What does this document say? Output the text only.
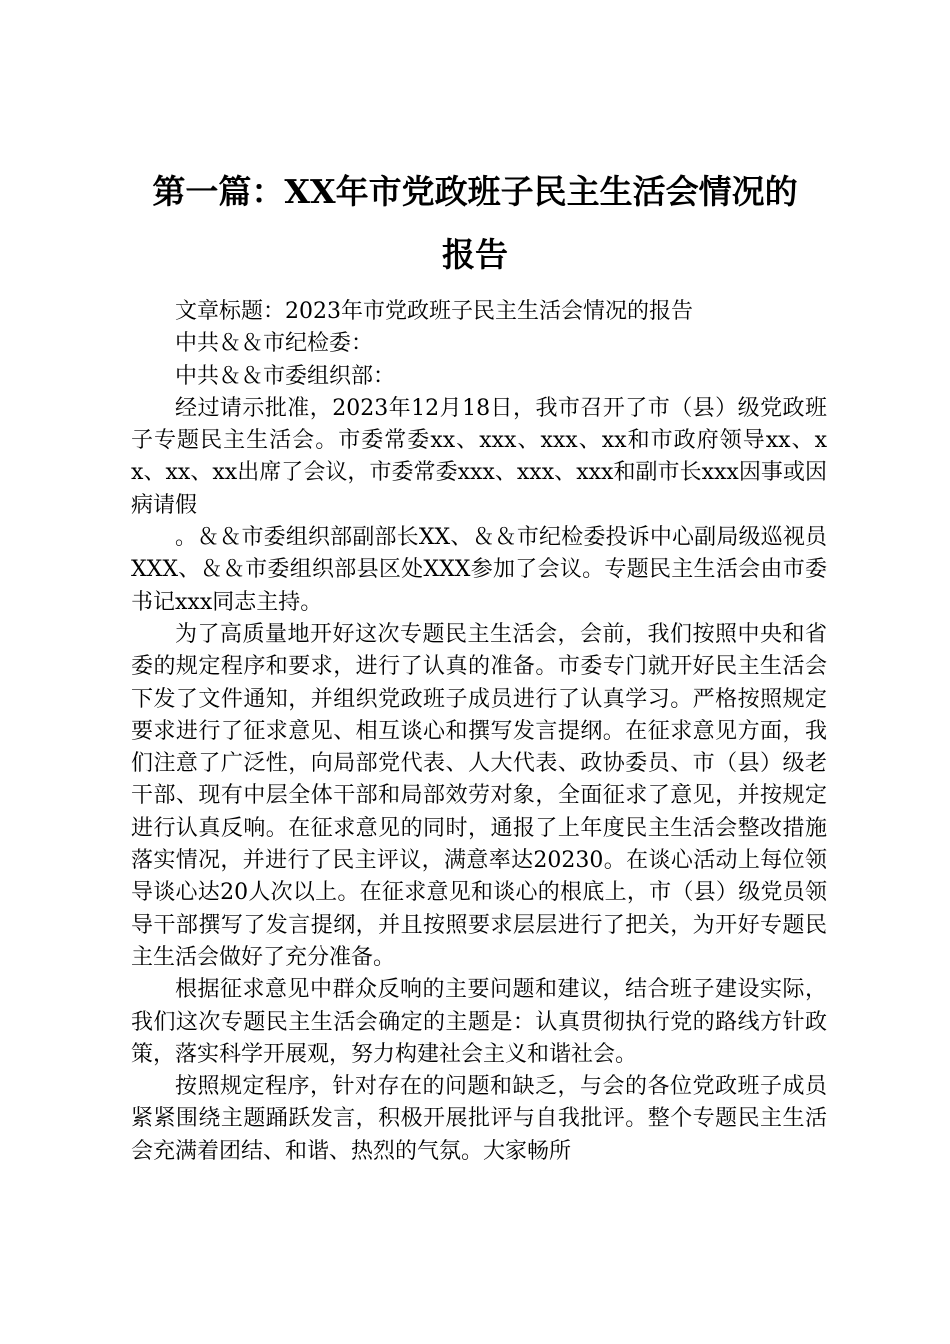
第一篇：XX年市党政班子民主生活会情况的
报告

文章标题：2023年市党政班子民主生活会情况的报告

中共＆＆市纪检委：

中共＆＆市委组织部：

经过请示批准，2023年12月18日，我市召开了市（县）级党政班子专题民主生活会。市委常委xx、xxx、xxx、xx和市政府领导xx、xx、xx、xx出席了会议，市委常委xxx、xxx、xxx和副市长xxx因事或因病请假

。＆＆市委组织部副部长XX、＆＆市纪检委投诉中心副局级巡视员XXX、＆＆市委组织部县区处XXX参加了会议。专题民主生活会由市委书记xxx同志主持。

为了高质量地开好这次专题民主生活会，会前，我们按照中央和省委的规定程序和要求，进行了认真的准备。市委专门就开好民主生活会下发了文件通知，并组织党政班子成员进行了认真学习。严格按照规定要求进行了征求意见、相互谈心和撰写发言提纲。在征求意见方面，我们注意了广泛性，向局部党代表、人大代表、政协委员、市（县）级老干部、现有中层全体干部和局部效劳对象，全面征求了意见，并按规定进行认真反响。在征求意见的同时，通报了上年度民主生活会整改措施落实情况，并进行了民主评议，满意率达20230。在谈心活动上每位领导谈心达20人次以上。在征求意见和谈心的根底上，市（县）级党员领导干部撰写了发言提纲，并且按照要求层层进行了把关，为开好专题民主生活会做好了充分准备。

根据征求意见中群众反响的主要问题和建议，结合班子建设实际，我们这次专题民主生活会确定的主题是：认真贯彻执行党的路线方针政策，落实科学开展观，努力构建社会主义和谐社会。

按照规定程序，针对存在的问题和缺乏，与会的各位党政班子成员紧紧围绕主题踊跃发言，积极开展批评与自我批评。整个专题民主生活会充满着团结、和谐、热烈的气氛。大家畅所
